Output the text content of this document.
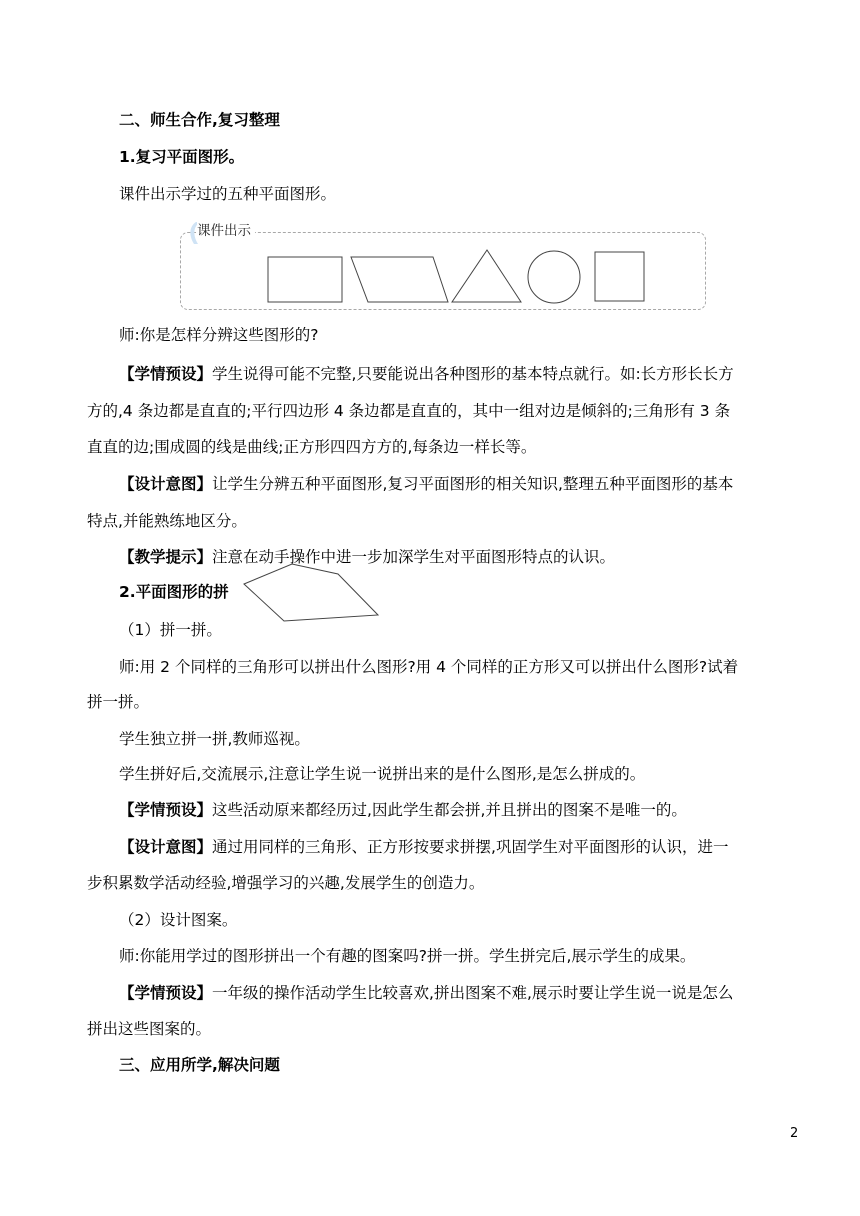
二、师生合作,复习整理
1.复习平面图形。
课件出示学过的五种平面图形。
课件出示
师:你是怎样分辨这些图形的?
【学情预设】学生说得可能不完整,只要能说出各种图形的基本特点就行。如:长方形长长方
方的,4 条边都是直直的;平行四边形 4 条边都是直直的，其中一组对边是倾斜的;三角形有 3 条
直直的边;围成圆的线是曲线;正方形四四方方的,每条边一样长等。
【设计意图】让学生分辨五种平面图形,复习平面图形的相关知识,整理五种平面图形的基本
特点,并能熟练地区分。
【教学提示】注意在动手操作中进一步加深学生对平面图形特点的认识。
2.平面图形的拼
（1）拼一拼。
师:用 2 个同样的三角形可以拼出什么图形?用 4 个同样的正方形又可以拼出什么图形?试着
拼一拼。
学生独立拼一拼,教师巡视。
学生拼好后,交流展示,注意让学生说一说拼出来的是什么图形,是怎么拼成的。
【学情预设】这些活动原来都经历过,因此学生都会拼,并且拼出的图案不是唯一的。
【设计意图】通过用同样的三角形、正方形按要求拼摆,巩固学生对平面图形的认识，进一
步积累数学活动经验,增强学习的兴趣,发展学生的创造力。
（2）设计图案。
师:你能用学过的图形拼出一个有趣的图案吗?拼一拼。学生拼完后,展示学生的成果。
【学情预设】一年级的操作活动学生比较喜欢,拼出图案不难,展示时要让学生说一说是怎么
拼出这些图案的。
三、应用所学,解决问题
2
